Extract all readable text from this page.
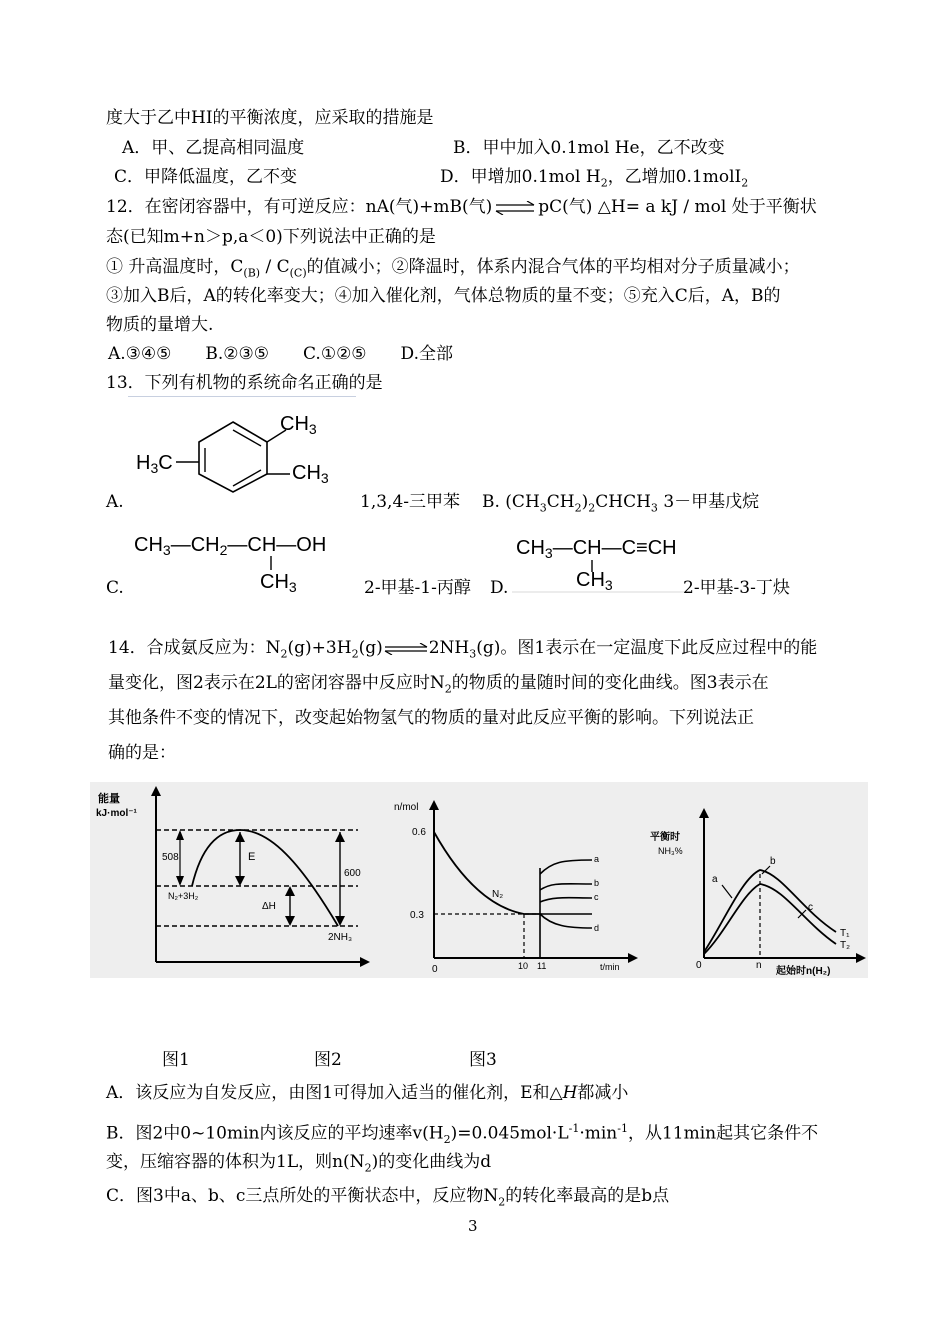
度大于乙中HI的平衡浓度，应采取的措施是
A．甲、乙提高相同温度	B．甲中加入0.1mol He，乙不改变
C．甲降低温度，乙不变	D．甲增加0.1mol $H_2$，乙增加0.1molI$_2$
12．在密闭容器中，有可逆反应：nA(气)+mB(气) ⇌ pC(气) △H= a kJ / mol 处于平衡状
态(已知m+n＞p,a＜0)下列说法中正确的是
① 升高温度时，$C_{(B)} / C_{(C)}$的值减小；②降温时，体系内混合气体的平均相对分子质量减小；
③加入B后，A的转化率变大；④加入催化剂，气体总物质的量不变；⑤充入C后，A，B的
物质的量增大.
A.③④⑤　　B.②③⑤　　C.①②⑤　　D.全部
13．下列有机物的系统命名正确的是
$CH_3$
$CH_3$
$H_3C$
A.	1,3,4-三甲苯 B. $(CH_3CH_2)_2CHCH_3$ 3－甲基戊烷
$CH_3—CH_2—CH—OH$
$CH_3$
C.	2-甲基-1-丙醇 D.
$CH_3—CH—C\equiv CH$
$CH_3$	2-甲基-3-丁炔
14．合成氨反应为：$N_2(g)+3H_2(g)\rightleftharpoons 2NH_3(g)$。图1表示在一定温度下此反应过程中的能
量变化，图2表示在2L的密闭容器中反应时$N_2$的物质的量随时间的变化曲线。图3表示在
其他条件不变的情况下，改变起始物氢气的物质的量对此反应平衡的影响。下列说法正
确的是：
能量
kJ·mol⁻¹
508	E
ΔH
600
N₂+3H₂
2NH₃
n/mol
0.6
0.3
0	10 11	t/min
N₂
a
b
c
d
平衡时
NH₃%
0	n
起始时n(H₂)
a
b
c
T₁
T₂
图1	图2	图3
A．该反应为自发反应，由图1可得加入适当的催化剂，E和△H都减小
B．图2中0~10min内该反应的平均速率$v(H_2)=0.045mol\cdot L^{-1}\cdot\min^{-1}$，从11min起其它条件不
变，压缩容器的体积为1L，则$n(N_2)$的变化曲线为d
C．图3中a、b、c三点所处的平衡状态中，反应物$N_2$的转化率最高的是b点
3
